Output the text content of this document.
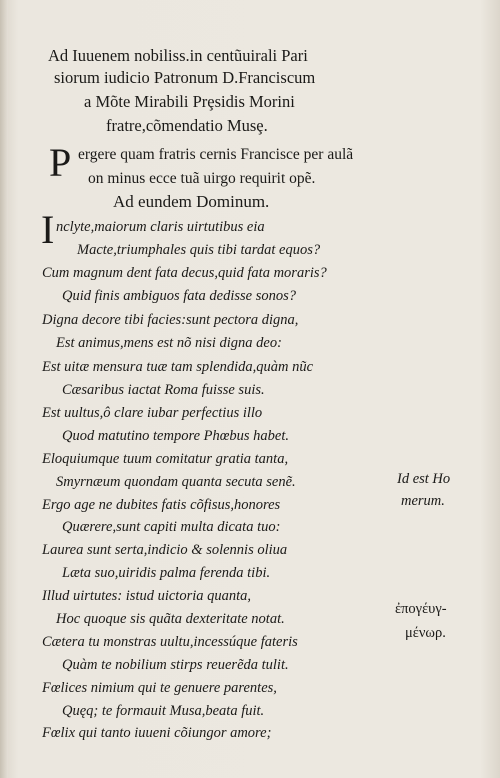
Ad Iuuenem nobiliss.in centũuirali Pari
siorum iudicio Patronum D.Franciscum
a Mõte Mirabili Prȩsidis Morini
fratre,cõmendatio Musȩ.
P ergere quam fratris cernis Francisce per aulã
on minus ecce tuã uirgo requirit opẽ.
Ad eundem Dominum.
I nclyte,maiorum claris uirtutibus eia
Macte,triumphales quis tibi tardat equos?
Cum magnum dent fata decus,quid fata moraris?
Quid finis ambiguos fata dedisse sonos?
Digna decore tibi facies:sunt pectora digna,
Est animus,mens est nõ nisi digna deo:
Est uitæ mensura tuæ tam splendida,quàm nũc
Cæsaribus iactat Roma fuisse suis.
Est uultus,ô clare iubar perfectius illo
Quod matutino tempore Phœbus habet.
Eloquiumque tuum comitatur gratia tanta,
Smyrnæum quondam quanta secuta senẽ.
Ergo age ne dubites fatis cõfisus,honores
Quærere,sunt capiti multa dicata tuo:
Laurea sunt serta,indicio & solennis oliua
Læta suo,uiridis palma ferenda tibi.
Illud uirtutes: istud uictoria quanta,
Hoc quoque sis quãta dexteritate notat.
Cætera tu monstras uultu,incessúque fateris
Quàm te nobilium stirps reuerẽda tulit.
Fœlices nimium qui te genuere parentes,
Quęq; te formauit Musa,beata fuit.
Fœlix qui tanto iuueni cõiungor amore;
Id est Ho
merum.
ἐπογέυγ-
μένωρ.
